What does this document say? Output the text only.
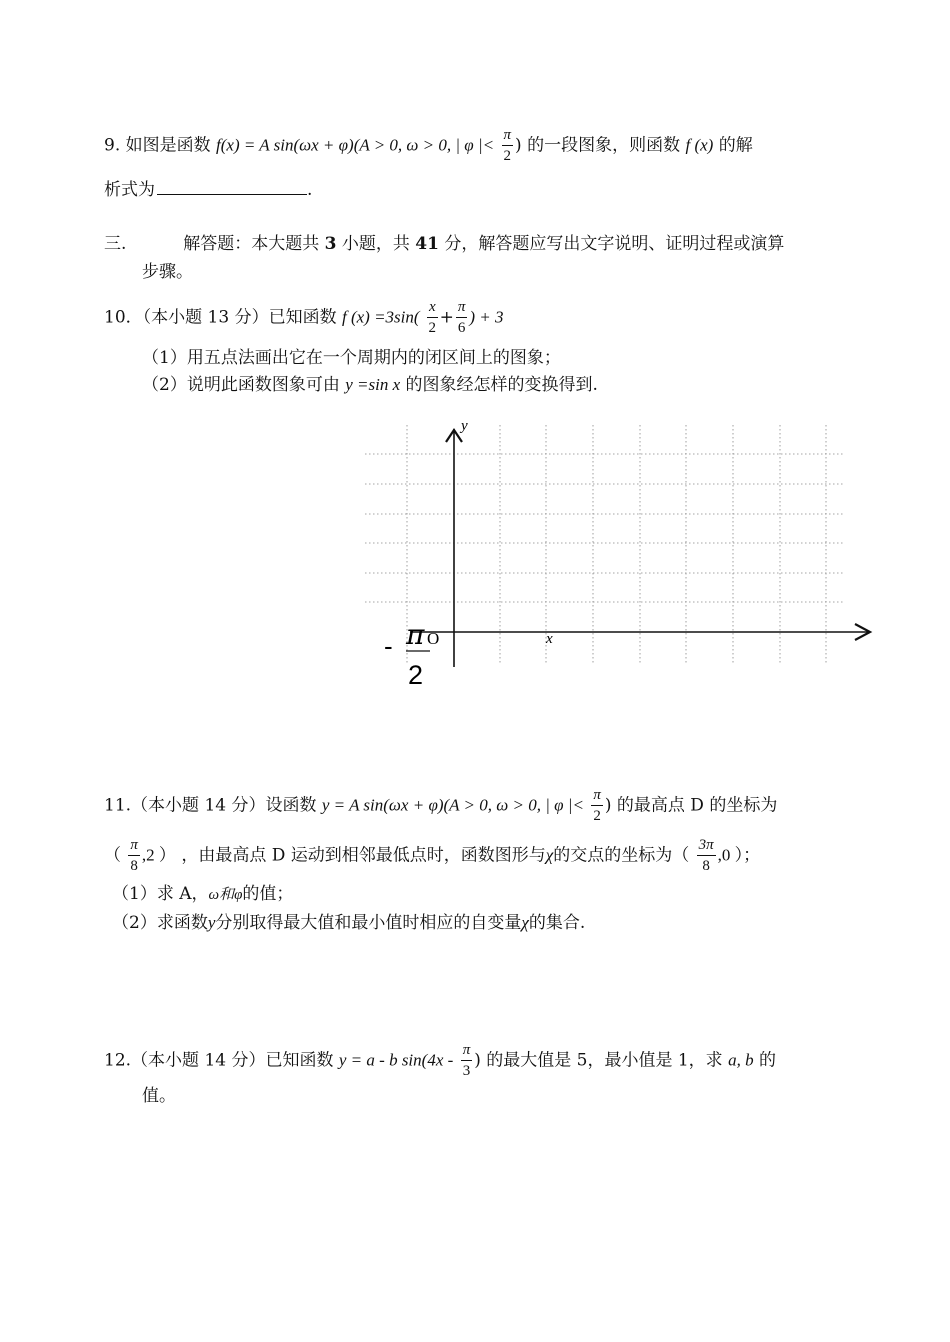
9. 如图是函数 f(x) = A sin(ωx + φ)(A > 0, ω > 0, | φ |< $\frac{\pi}{2}$ ) 的一段图象，则函数 f (x) 的解
析式为	.
三.	解答题：本大题共 3 小题，共 41 分，解答题应写出文字说明、证明过程或演算
步骤。
10．（本小题 13 分）已知函数 f $(x) =3\sin( \frac{x}{2} + \frac{\pi}{6}$ ) + 3
（1）用五点法画出它在一个周期内的闭区间上的图象；
（2）说明此函数图象可由 y =sin x 的图象经怎样的变换得到.
y
x
- π O
2
11.（本小题 14 分）设函数 y = A sin(ωx + φ)(A > 0, ω > 0, | φ |< $\frac{\pi}{2}$ ) 的最高点 D 的坐标为
（ $\frac{\pi}{8} ,2$ ） ，由最高点 D 运动到相邻最低点时，函数图形与χ的交点的坐标为（ $\frac{3\pi}{8} ,0$ ）；
（1）求 A，ω和φ的值；
（2）求函数y分别取得最大值和最小值时相应的自变量χ的集合.
12.（本小题 14 分）已知函数 y = a - b $\sin(4x - \frac{\pi}{3}$ ) 的最大值是 5，最小值是 1，求 a, b 的
值。
